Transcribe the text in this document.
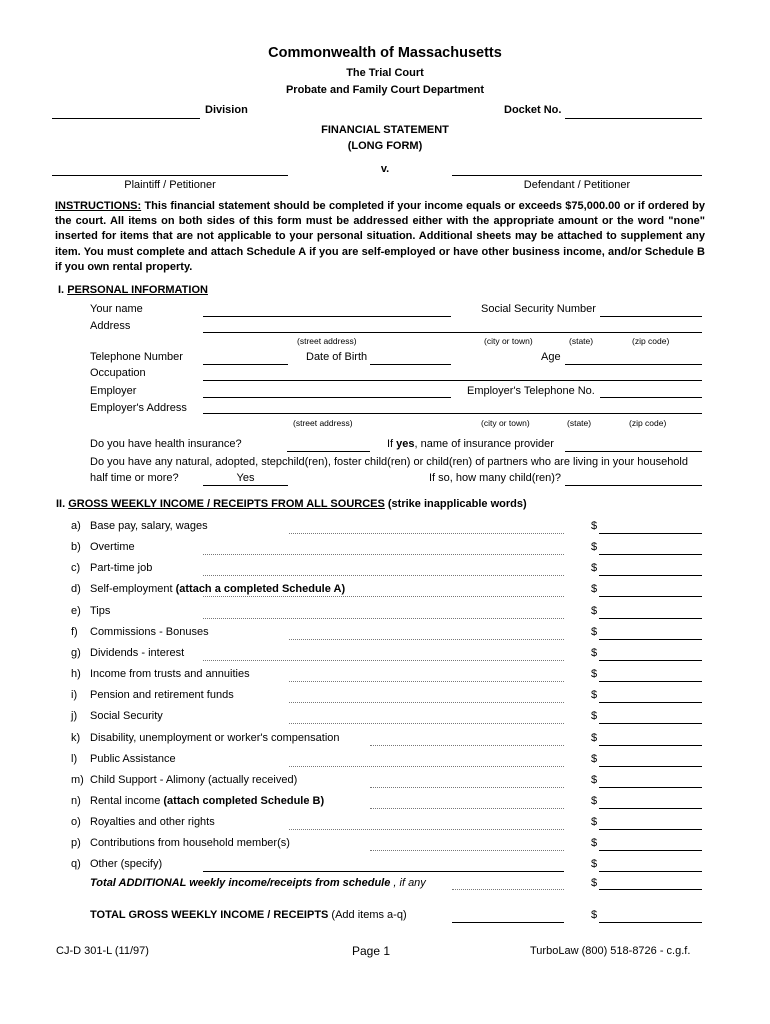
Commonwealth of Massachusetts
The Trial Court
Probate and Family Court Department
Division	Docket No.
FINANCIAL STATEMENT
(LONG FORM)
v.
Plaintiff / Petitioner	Defendant / Petitioner
INSTRUCTIONS: This financial statement should be completed if your income equals or exceeds $75,000.00 or if ordered by the court. All items on both sides of this form must be addressed either with the appropriate amount or the word "none" inserted for items that are not applicable to your personal situation. Additional sheets may be attached to supplement any item. You must complete and attach Schedule A if you are self-employed or have other business income, and/or Schedule B if you own rental property.
I. PERSONAL INFORMATION
Your name	Social Security Number
Address
(street address)	(city or town)	(state)	(zip code)
Telephone Number	Date of Birth	Age
Occupation
Employer	Employer's Telephone No.
Employer's Address
(street address)	(city or town)	(state)	(zip code)
Do you have health insurance?	If yes, name of insurance provider
Do you have any natural, adopted, stepchild(ren), foster child(ren) or child(ren) of partners who are living in your household
half time or more?	Yes	If so, how many child(ren)?
II. GROSS WEEKLY INCOME / RECEIPTS FROM ALL SOURCES (strike inapplicable words)
a) Base pay, salary, wages	$
b) Overtime	$
c) Part-time job	$
d) Self-employment (attach a completed Schedule A)	$
e) Tips	$
f) Commissions - Bonuses	$
g) Dividends - interest	$
h) Income from trusts and annuities	$
i) Pension and retirement funds	$
j) Social Security	$
k) Disability, unemployment or worker's compensation	$
l) Public Assistance	$
m) Child Support - Alimony (actually received)	$
n) Rental income (attach completed Schedule B)	$
o) Royalties and other rights	$
p) Contributions from household member(s)	$
q) Other (specify)	$
Total ADDITIONAL weekly income/receipts from schedule , if any	$
TOTAL GROSS WEEKLY INCOME / RECEIPTS (Add items a-q)	$
CJ-D 301-L (11/97)	Page 1	TurboLaw (800) 518-8726 - c.g.f.
